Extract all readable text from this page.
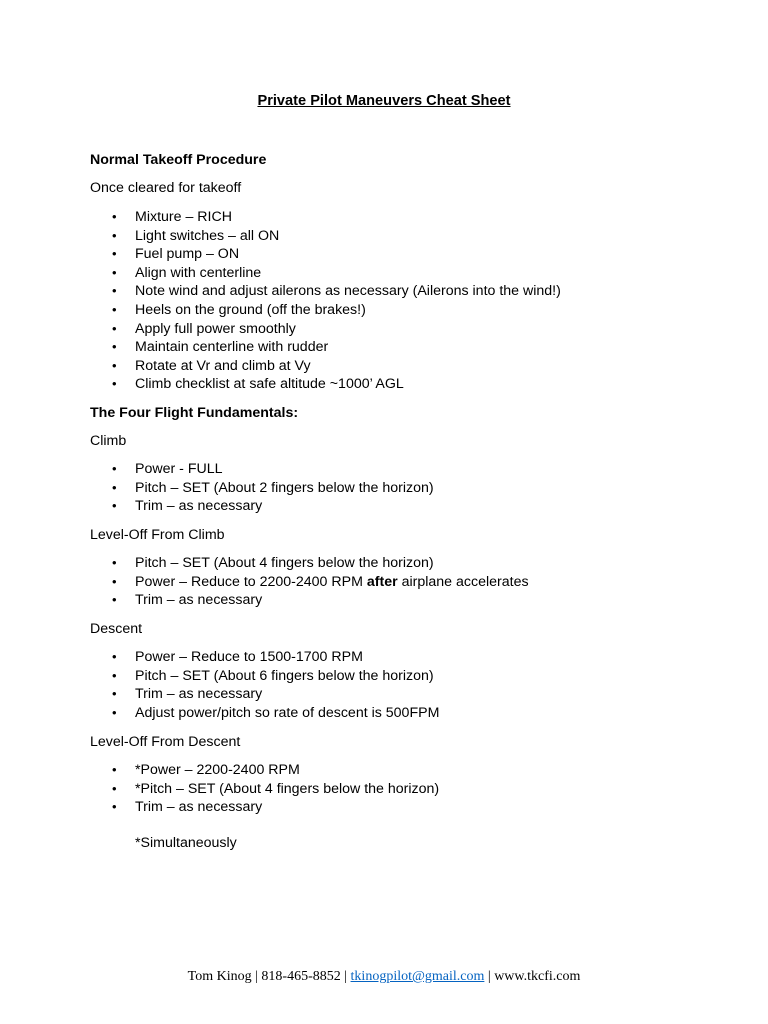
Private Pilot Maneuvers Cheat Sheet

Normal Takeoff Procedure

Once cleared for takeoff

• Mixture – RICH
• Light switches – all ON
• Fuel pump – ON
• Align with centerline
• Note wind and adjust ailerons as necessary (Ailerons into the wind!)
• Heels on the ground (off the brakes!)
• Apply full power smoothly
• Maintain centerline with rudder
• Rotate at Vr and climb at Vy
• Climb checklist at safe altitude ~1000’ AGL

The Four Flight Fundamentals:

Climb

• Power - FULL
• Pitch – SET (About 2 fingers below the horizon)
• Trim – as necessary

Level-Off From Climb

• Pitch – SET (About 4 fingers below the horizon)
• Power – Reduce to 2200-2400 RPM after airplane accelerates
• Trim – as necessary

Descent

• Power – Reduce to 1500-1700 RPM
• Pitch – SET (About 6 fingers below the horizon)
• Trim – as necessary
• Adjust power/pitch so rate of descent is 500FPM

Level-Off From Descent

• *Power – 2200-2400 RPM
• *Pitch – SET (About 4 fingers below the horizon)
• Trim – as necessary

*Simultaneously

Tom Kinog | 818-465-8852 | tkinogpilot@gmail.com | www.tkcfi.com
